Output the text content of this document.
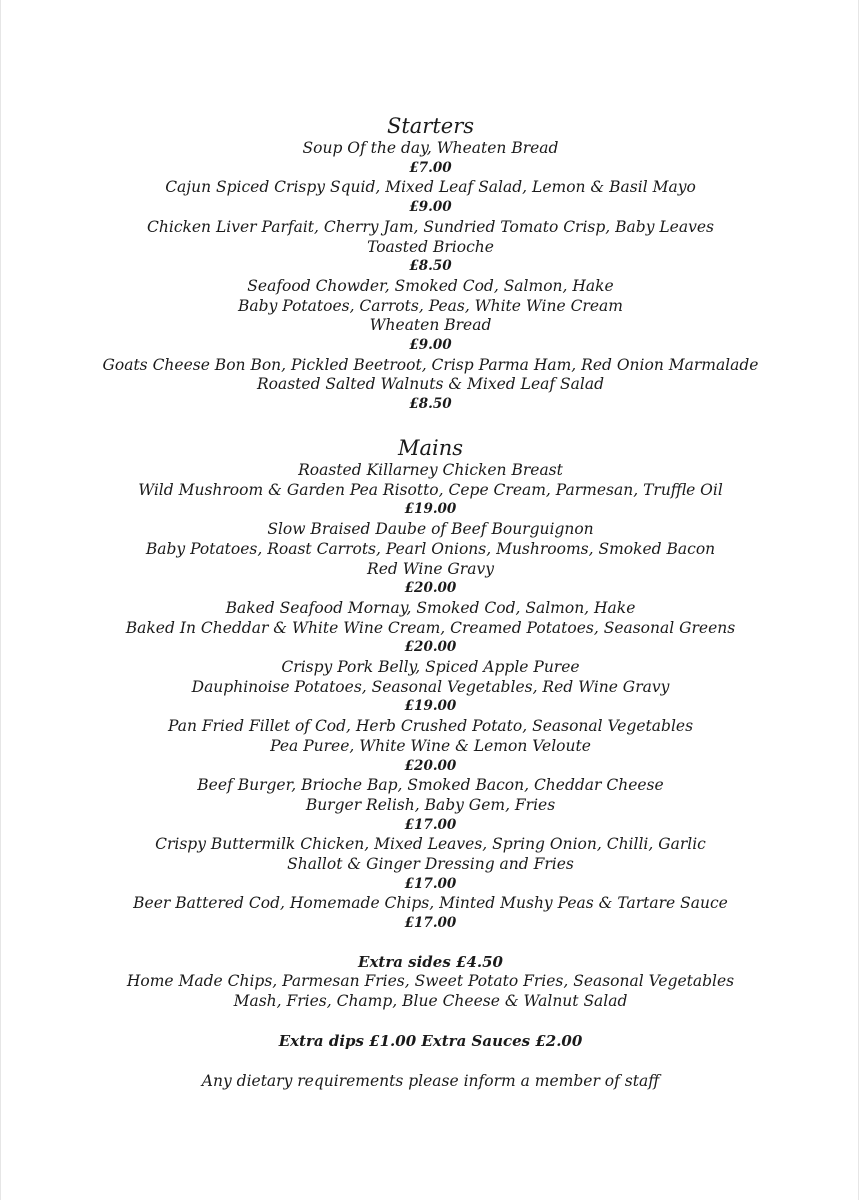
Starters
Soup Of the day, Wheaten Bread
£7.00
Cajun Spiced Crispy Squid, Mixed Leaf Salad, Lemon & Basil Mayo
£9.00
Chicken Liver Parfait, Cherry Jam, Sundried Tomato Crisp, Baby Leaves
Toasted Brioche
£8.50
Seafood Chowder, Smoked Cod, Salmon, Hake
Baby Potatoes, Carrots, Peas, White Wine Cream
Wheaten Bread
£9.00
Goats Cheese Bon Bon, Pickled Beetroot, Crisp Parma Ham, Red Onion Marmalade
Roasted Salted Walnuts & Mixed Leaf Salad
£8.50
Mains
Roasted Killarney Chicken Breast
Wild Mushroom & Garden Pea Risotto, Cepe Cream, Parmesan, Truffle Oil
£19.00
Slow Braised Daube of Beef Bourguignon
Baby Potatoes, Roast Carrots, Pearl Onions, Mushrooms, Smoked Bacon
Red Wine Gravy
£20.00
Baked Seafood Mornay, Smoked Cod, Salmon, Hake
Baked In Cheddar & White Wine Cream, Creamed Potatoes, Seasonal Greens
£20.00
Crispy Pork Belly, Spiced Apple Puree
Dauphinoise Potatoes, Seasonal Vegetables, Red Wine Gravy
£19.00
Pan Fried Fillet of Cod, Herb Crushed Potato, Seasonal Vegetables
Pea Puree, White Wine & Lemon Veloute
£20.00
Beef Burger, Brioche Bap, Smoked Bacon, Cheddar Cheese
Burger Relish, Baby Gem, Fries
£17.00
Crispy Buttermilk Chicken, Mixed Leaves, Spring Onion, Chilli, Garlic
Shallot & Ginger Dressing and Fries
£17.00
Beer Battered Cod, Homemade Chips, Minted Mushy Peas & Tartare Sauce
£17.00
Extra sides £4.50
Home Made Chips, Parmesan Fries, Sweet Potato Fries, Seasonal Vegetables
Mash, Fries, Champ, Blue Cheese & Walnut Salad
Extra dips £1.00 Extra Sauces £2.00
Any dietary requirements please inform a member of staff
